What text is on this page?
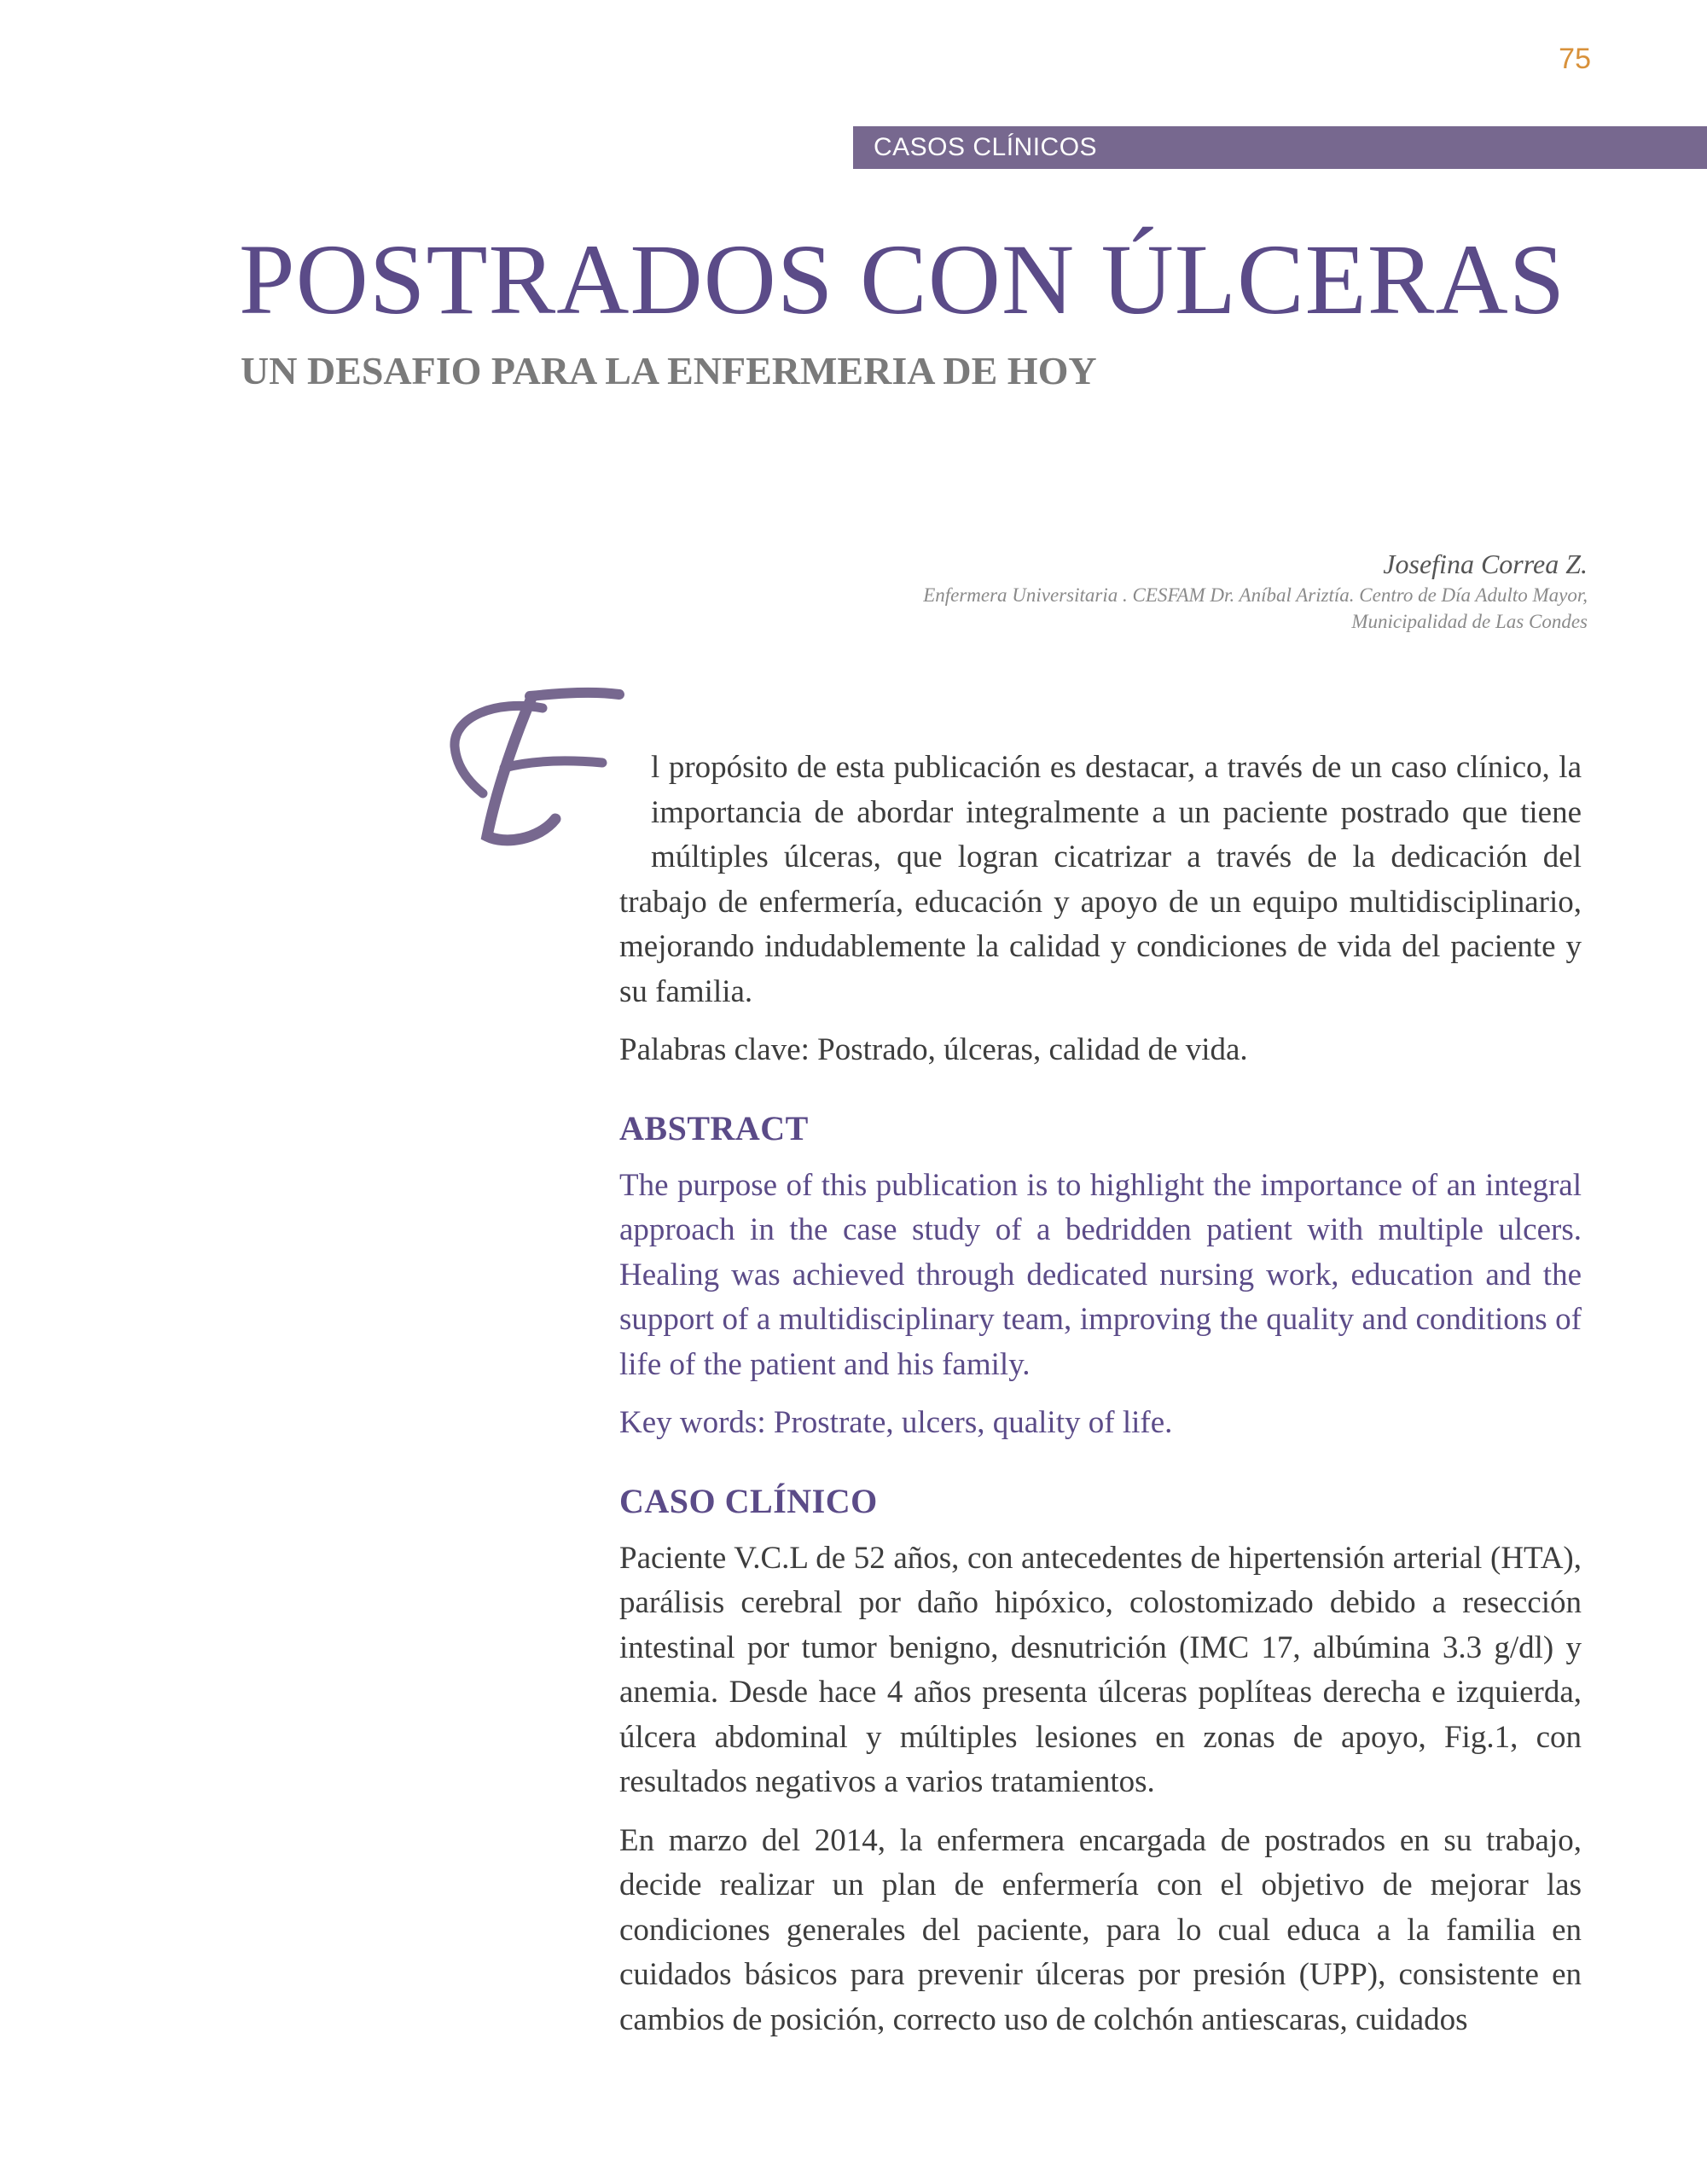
75
CASOS CLÍNICOS
POSTRADOS CON ÚLCERAS
UN DESAFIO PARA LA ENFERMERIA DE HOY
Josefina Correa Z.
Enfermera Universitaria . CESFAM Dr. Aníbal Ariztía. Centro de Día Adulto Mayor,
Municipalidad de Las Condes

l propósito de esta publicación es destacar, a través de un caso clínico, la importancia de abordar integralmente a un paciente postrado que tiene múltiples úlceras, que logran cicatrizar a través de la dedicación del trabajo de enfermería, educación y apoyo de un equipo multidisciplinario, mejorando indudablemente la calidad y condiciones de vida del paciente y su familia.

Palabras clave: Postrado, úlceras, calidad de vida.

ABSTRACT

The purpose of this publication is to highlight the importance of an integral approach in the case study of a bedridden patient with multiple ulcers. Healing was achieved through dedicated nursing work, education and the support of a multidisciplinary team, improving the quality and conditions of life of the patient and his family.

Key words: Prostrate, ulcers, quality of life.

CASO CLÍNICO

Paciente V.C.L de 52 años, con antecedentes de hipertensión arterial (HTA), parálisis cerebral por daño hipóxico, colostomizado debido a resección intestinal por tumor benigno, desnutrición (IMC 17, albúmina 3.3 g/dl) y anemia. Desde hace 4 años presenta úlceras poplíteas derecha e izquierda, úlcera abdominal y múltiples lesiones en zonas de apoyo, Fig.1, con resultados negativos a varios tratamientos.

En marzo del 2014, la enfermera encargada de postrados en su trabajo, decide realizar un plan de enfermería con el objetivo de mejorar las condiciones generales del paciente, para lo cual educa a la familia en cuidados básicos para prevenir úlceras por presión (UPP), consistente en cambios de posición, correcto uso de colchón antiescaras, cuidados
